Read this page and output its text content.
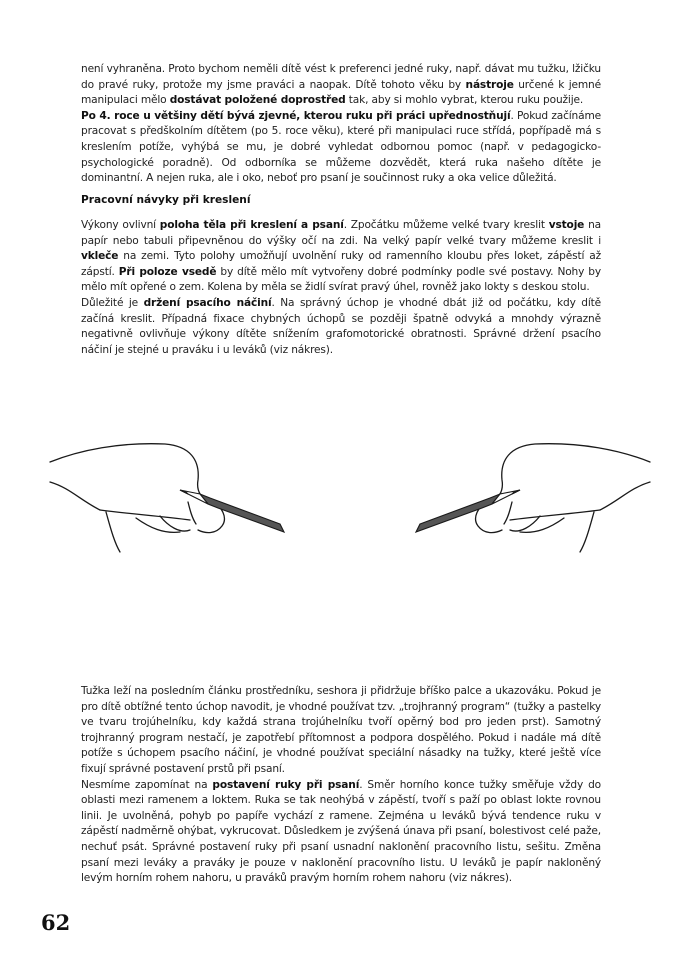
není vyhraněna. Proto bychom neměli dítě vést k preferenci jedné ruky, např. dávat mu tužku, lžičku do pravé ruky, protože my jsme praváci a naopak. Dítě tohoto věku by nástroje určené k jemné manipulaci mělo dostávat položené doprostřed tak, aby si mohlo vybrat, kterou ruku použije.

Po 4. roce u většiny dětí bývá zjevné, kterou ruku při práci upřednostňují. Pokud začínáme pracovat s předškolním dítětem (po 5. roce věku), které při manipulaci ruce střídá, popřípadě má s kreslením potíže, vyhýbá se mu, je dobré vyhledat odbornou pomoc (např. v pedagogicko-psychologické poradně). Od odborníka se můžeme dozvědět, která ruka našeho dítěte je dominantní. A nejen ruka, ale i oko, neboť pro psaní je součinnost ruky a oka velice důležitá.

Pracovní návyky při kreslení

Výkony ovlivní poloha těla při kreslení a psaní. Zpočátku můžeme velké tvary kreslit vstoje na papír nebo tabuli připevněnou do výšky očí na zdi. Na velký papír velké tvary můžeme kreslit i vkleče na zemi. Tyto polohy umožňují uvolnění ruky od ramenního kloubu přes loket, zápěstí až zápstí. Při poloze vsedě by dítě mělo mít vytvořeny dobré podmínky podle své postavy. Nohy by mělo mít opřené o zem. Kolena by měla se židlí svírat pravý úhel, rovněž jako lokty s deskou stolu.

Důležité je držení psacího náčiní. Na správný úchop je vhodné dbát již od počátku, kdy dítě začíná kreslit. Případná fixace chybných úchopů se později špatně odvyká a mnohdy výrazně negativně ovlivňuje výkony dítěte snížením grafomotorické obratnosti. Správné držení psacího náčiní je stejné u praváku i u leváků (viz nákres).

Tužka leží na posledním článku prostředníku, seshora ji přidržuje bříško palce a ukazováku. Pokud je pro dítě obtížné tento úchop navodit, je vhodné používat tzv. „trojhranný program“ (tužky a pastelky ve tvaru trojúhelníku, kdy každá strana trojúhelníku tvoří opěrný bod pro jeden prst). Samotný trojhranný program nestačí, je zapotřebí přítomnost a podpora dospělého. Pokud i nadále má dítě potíže s úchopem psacího náčiní, je vhodné používat speciální násadky na tužky, které ještě více fixují správné postavení prstů při psaní.

Nesmíme zapomínat na postavení ruky při psaní. Směr horního konce tužky směřuje vždy do oblasti mezi ramenem a loktem. Ruka se tak neohýbá v zápěstí, tvoří s paží po oblast lokte rovnou linii. Je uvolněná, pohyb po papíře vychází z ramene. Zejména u leváků bývá tendence ruku v zápěstí nadměrně ohýbat, vykrucovat. Důsledkem je zvýšená únava při psaní, bolestivost celé paže, nechuť psát. Správné postavení ruky při psaní usnadní naklonění pracovního listu, sešitu. Změna psaní mezi leváky a praváky je pouze v naklonění pracovního listu. U leváků je papír nakloněný levým horním rohem nahoru, u praváků pravým horním rohem nahoru (viz nákres).

62
